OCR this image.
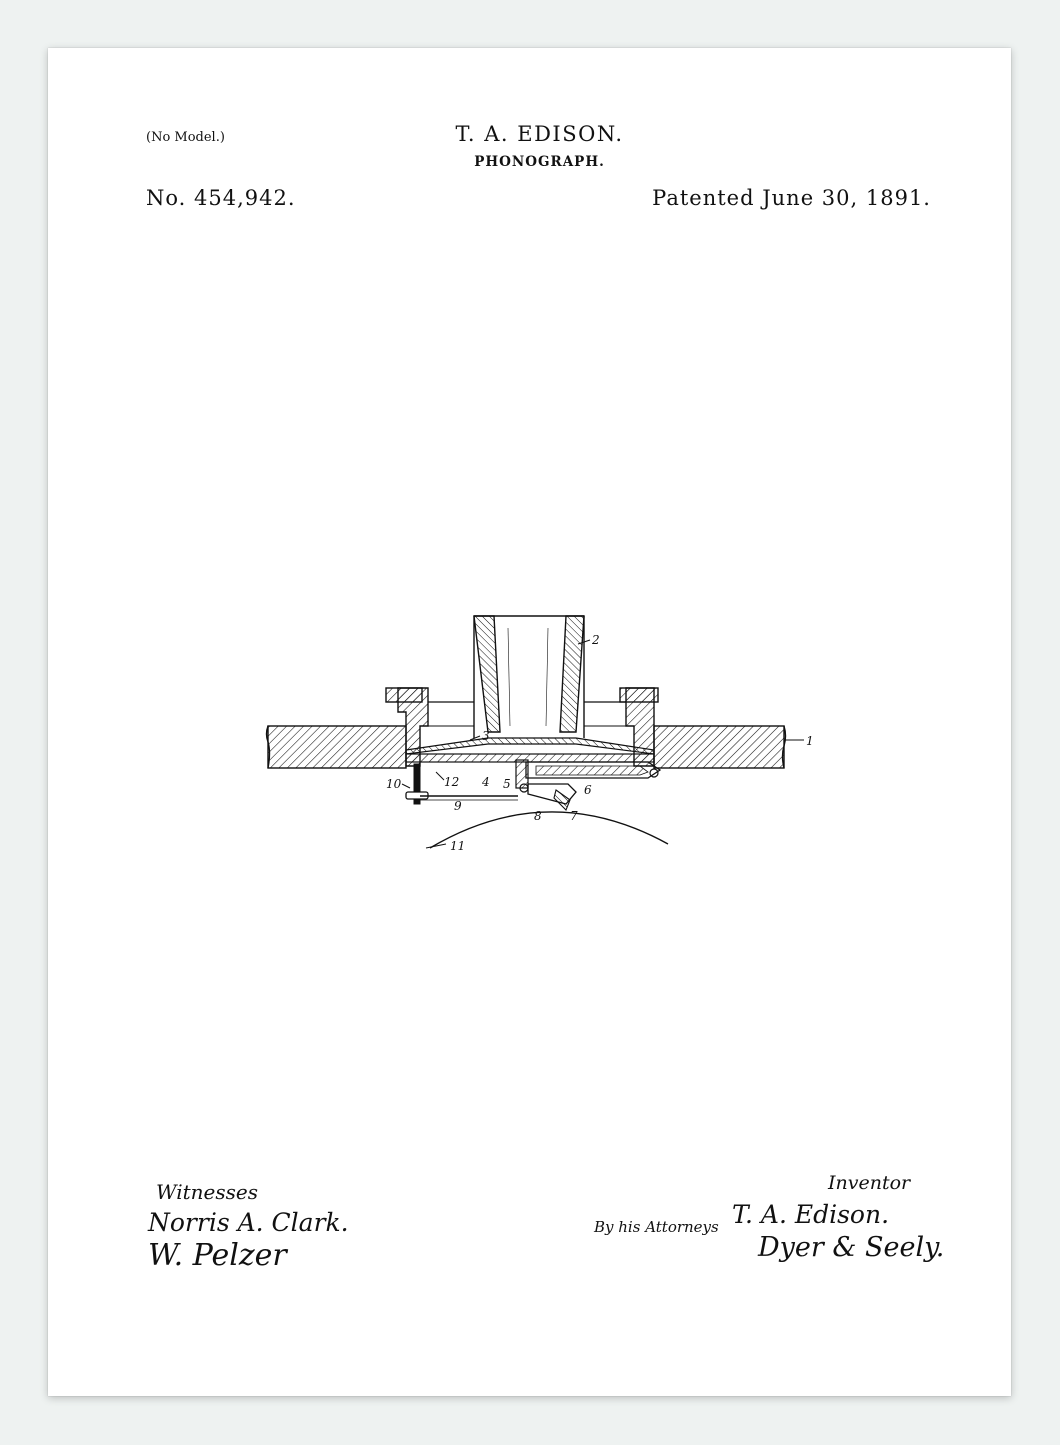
(No Model.)	T. A. EDISON.
PHONOGRAPH.
No. 454,942.	Patented June 30, 1891.
1
2
3
4 5	6
7
8
9
10
11
12
Witnesses
Norris A. Clark.
W. Pelzer
Inventor
By his Attorneys T. A. Edison.
Dyer & Seely.
